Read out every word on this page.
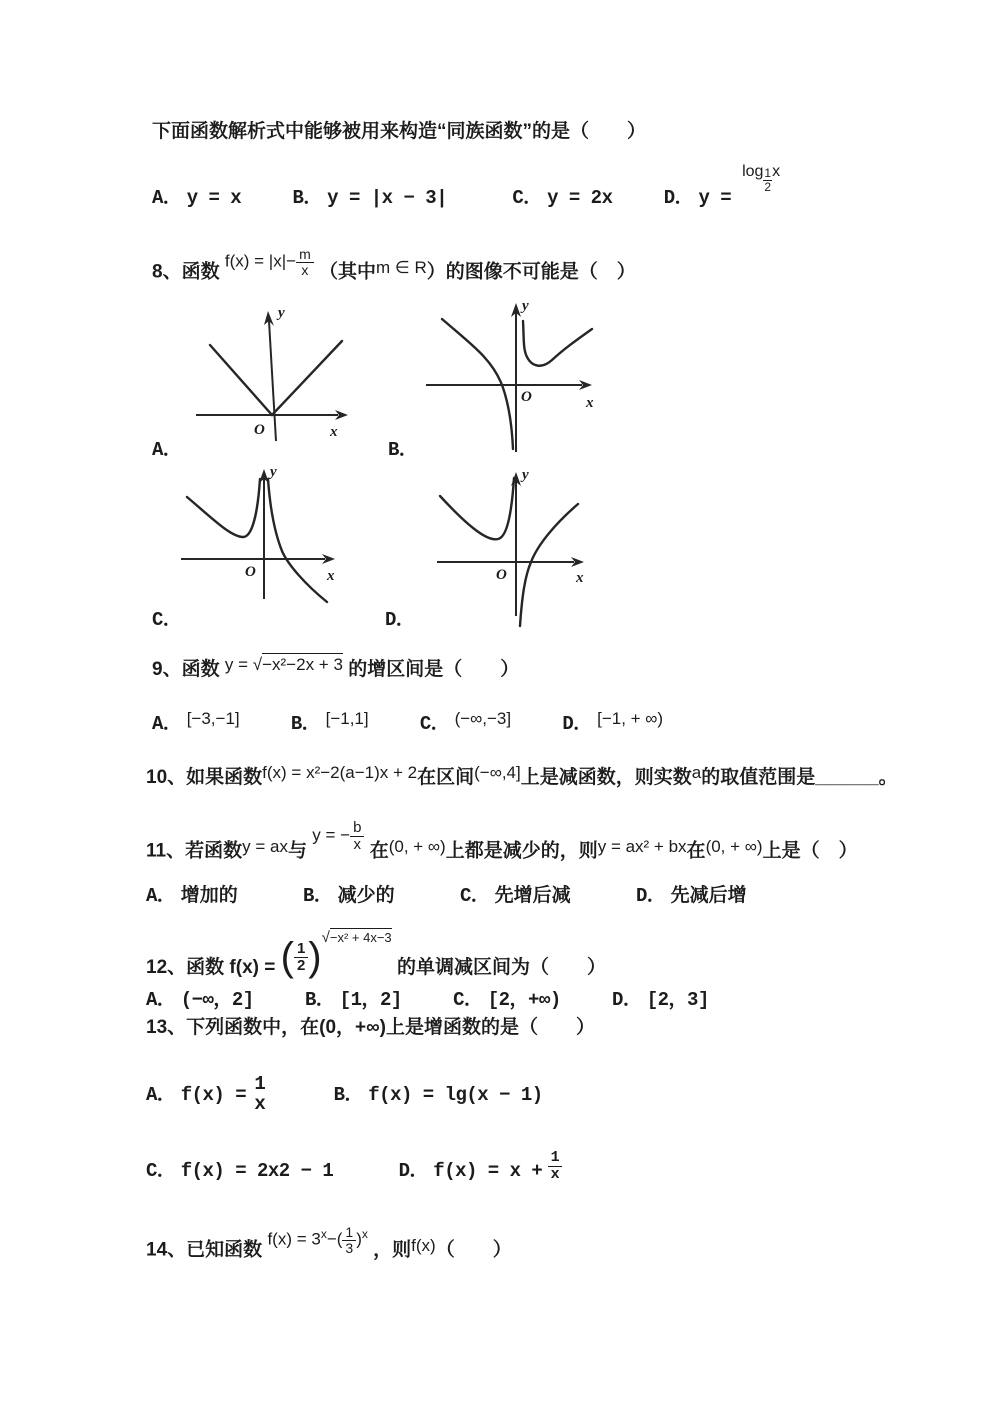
下面函数解析式中能够被用来构造“同族函数”的是（　　）
A． y = x	B． y = |x − 3|	C． y = 2x	D． $y = \log \frac{1}{2}$ x
8、函数 $f(x) = |x|- \frac{m}{x}$ （其中m ∈ R）的图像不可能是（　）
O	x
y
O	x
y
A．	B．
O	x
y
O	x
y
C．	D．
9、函数 y = √−x²−2x + 3 的增区间是（　　）
A． [−3,−1]	B． [−1,1]	C． (−∞,−3]	D． [−1, + ∞)
10、如果函数f(x) = x²−2(a−1)x + 2在区间(−∞,4]上是减函数，则实数a的取值范围是______。
11、若函数y = ax与 y = − $\frac{b}{x}$ 在(0, + ∞)上都是减少的，则y = ax² + bx在(0, + ∞)上是（　）
A． 增加的	B． 减少的	C． 先增后减	D． 先减后增
12、函数 f(x) = ( $\frac{1}{2} )√-x^2 + 4x-3$ 的单调减区间为（　　）
A． (−∞，2]	B． [1，2]	C． [2，+∞)	D． [2，3]
13、下列函数中，在(0，+∞)上是增函数的是（　　）
A． f(x) = 1
x	B． f(x) = lg(x − 1)
C． f(x) = 2x2 − 1	D． $f(x) = x + \frac{1}{x}$
14、已知函数 $f(x) = 3^x-( \frac{1}{3} )^x$ ，则f(x)（　　）
